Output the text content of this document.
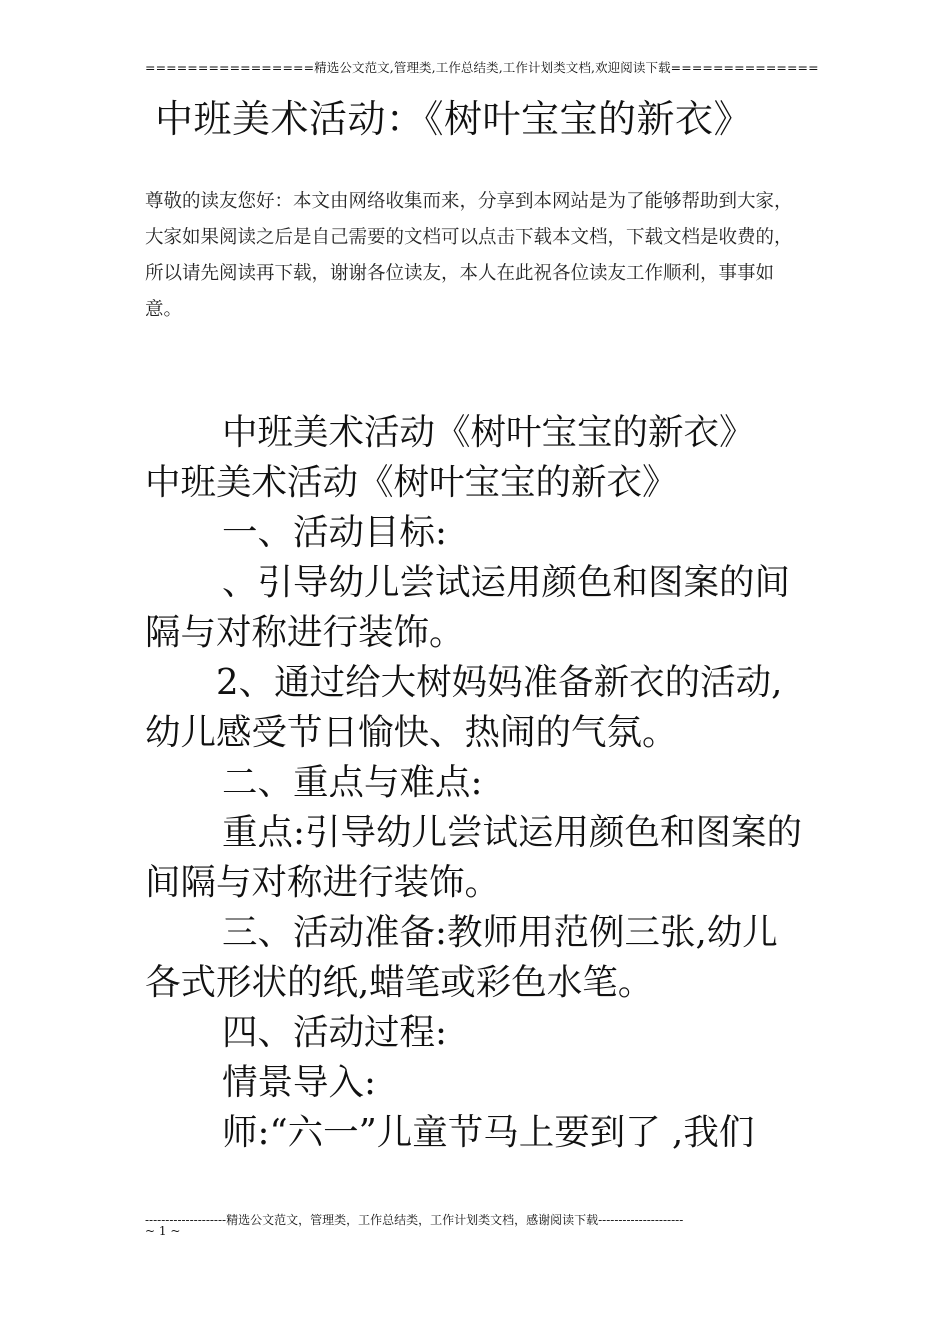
================精选公文范文,管理类,工作总结类,工作计划类文档,欢迎阅读下载==============
中班美术活动：《树叶宝宝的新衣》
尊敬的读友您好：本文由网络收集而来，分享到本网站是为了能够帮助到大家，大家如果阅读之后是自己需要的文档可以点击下载本文档，下载文档是收费的，所以请先阅读再下载，谢谢各位读友，本人在此祝各位读友工作顺利，事事如意。

中班美术活动《树叶宝宝的新衣》

中班美术活动《树叶宝宝的新衣》

一、活动目标:

、引导幼儿尝试运用颜色和图案的间隔与对称进行装饰。

2、通过给大树妈妈准备新衣的活动,幼儿感受节日愉快、热闹的气氛。

二、重点与难点:

重点:引导幼儿尝试运用颜色和图案的间隔与对称进行装饰。

三、活动准备:教师用范例三张,幼儿各式形状的纸,蜡笔或彩色水笔。

四、活动过程:

情景导入:

师:“六一”儿童节马上要到了 ,我们

--------------------精选公文范文，管理类，工作总结类，工作计划类文档，感谢阅读下载---------------------
~ 1 ~
